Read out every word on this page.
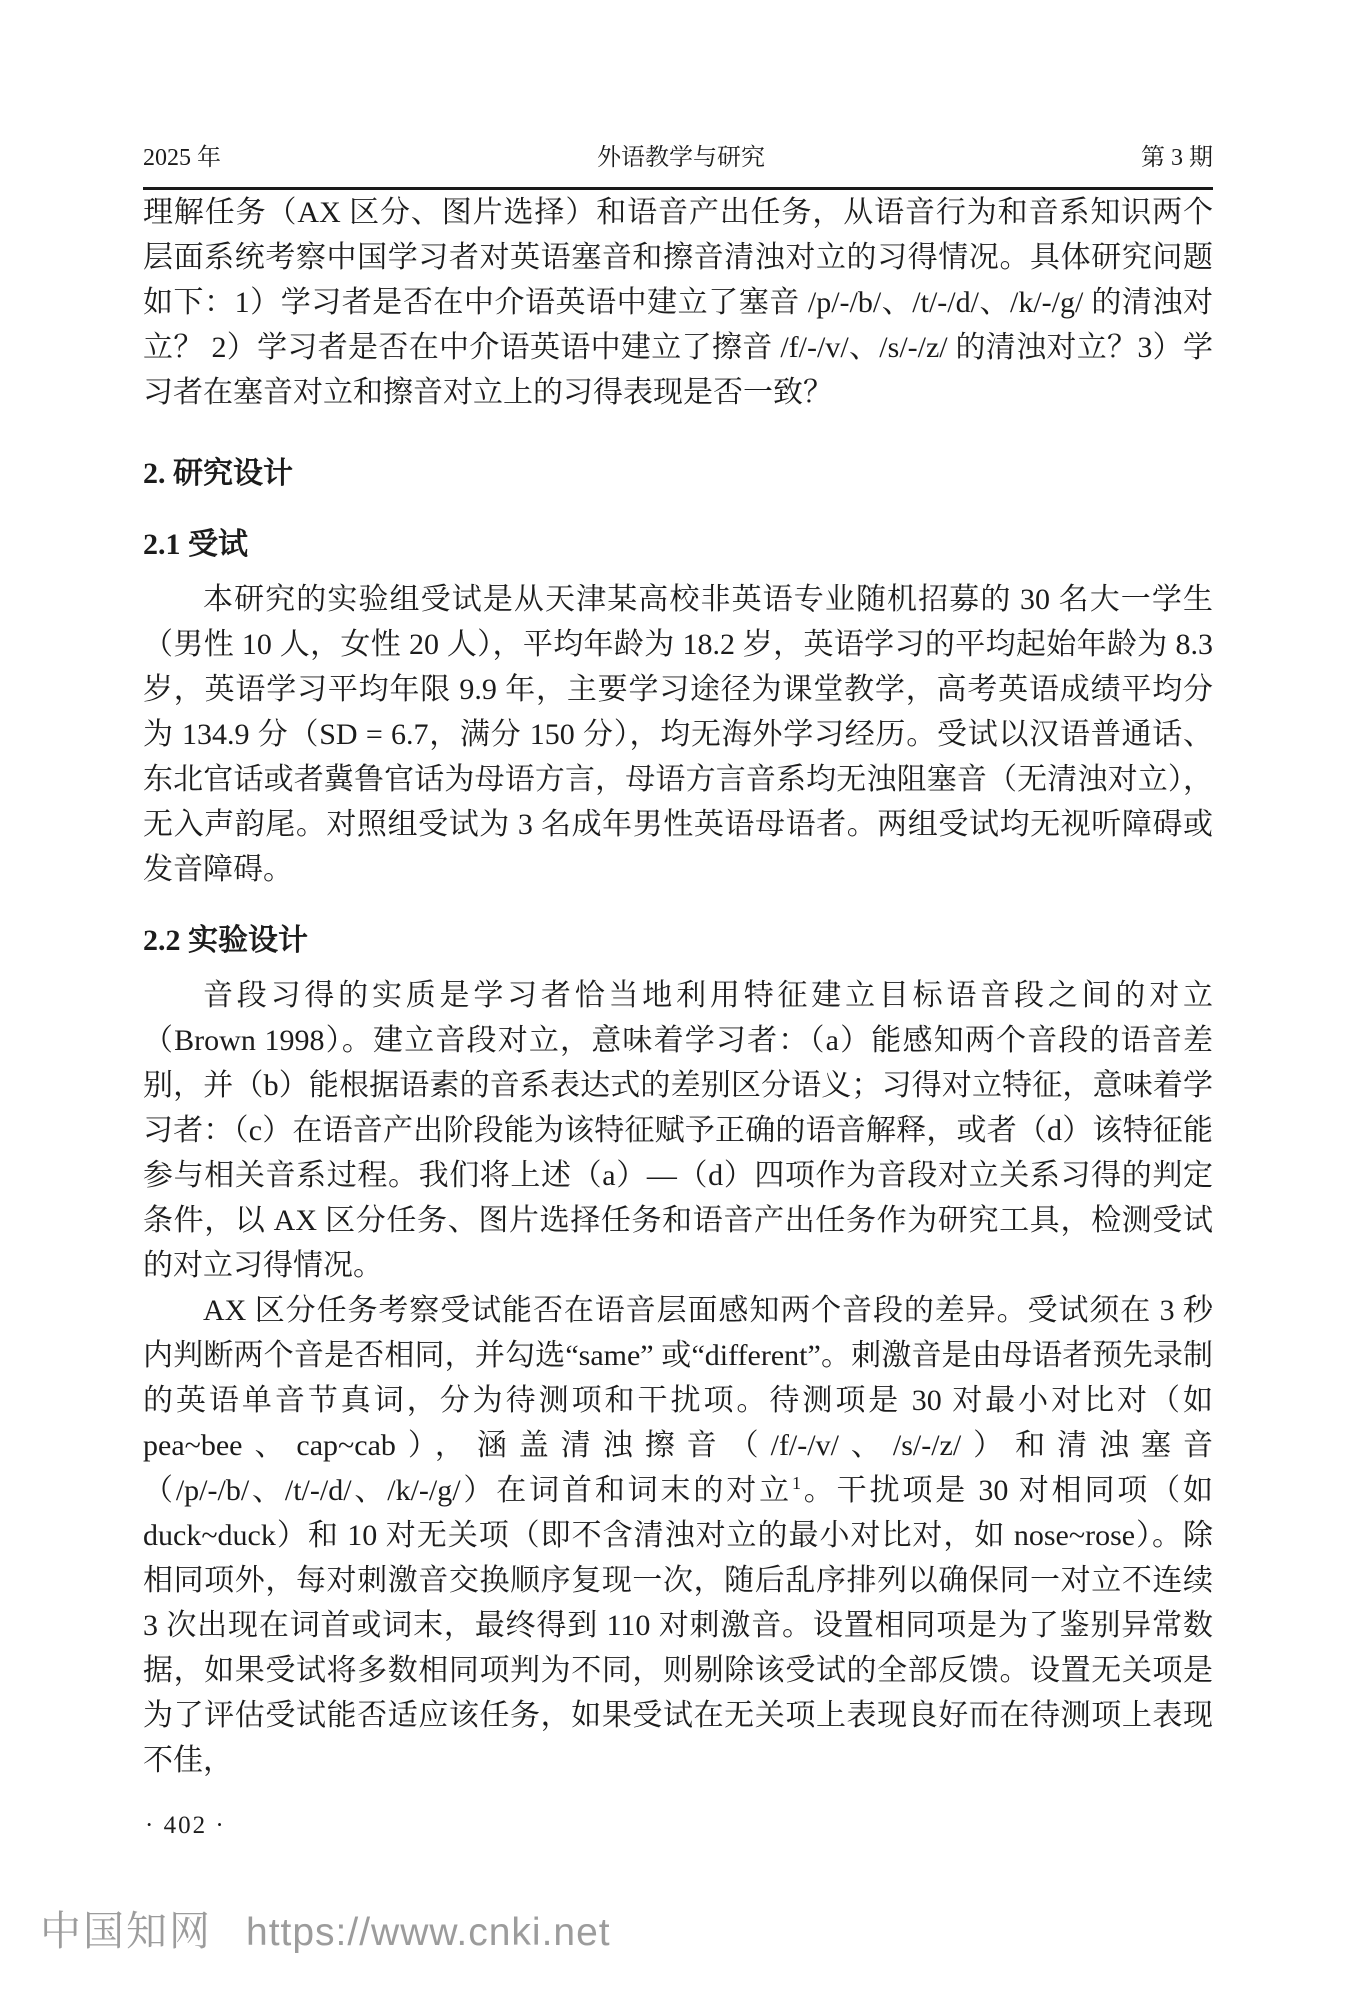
2025 年	外语教学与研究	第 3 期

理解任务（AX 区分、图片选择）和语音产出任务，从语音行为和音系知识两个层面系统考察中国学习者对英语塞音和擦音清浊对立的习得情况。具体研究问题如下：1）学习者是否在中介语英语中建立了塞音 /p/-/b/、/t/-/d/、/k/-/g/ 的清浊对立？ 2）学习者是否在中介语英语中建立了擦音 /f/-/v/、/s/-/z/ 的清浊对立？3）学习者在塞音对立和擦音对立上的习得表现是否一致？

2. 研究设计
2.1 受试

本研究的实验组受试是从天津某高校非英语专业随机招募的 30 名大一学生（男性 10 人，女性 20 人），平均年龄为 18.2 岁，英语学习的平均起始年龄为 8.3 岁，英语学习平均年限 9.9 年，主要学习途径为课堂教学，高考英语成绩平均分为 134.9 分（SD = 6.7，满分 150 分），均无海外学习经历。受试以汉语普通话、东北官话或者冀鲁官话为母语方言，母语方言音系均无浊阻塞音（无清浊对立），无入声韵尾。对照组受试为 3 名成年男性英语母语者。两组受试均无视听障碍或发音障碍。

2.2 实验设计

音段习得的实质是学习者恰当地利用特征建立目标语音段之间的对立（Brown 1998）。建立音段对立，意味着学习者：（a）能感知两个音段的语音差别，并（b）能根据语素的音系表达式的差别区分语义；习得对立特征，意味着学习者：（c）在语音产出阶段能为该特征赋予正确的语音解释，或者（d）该特征能参与相关音系过程。我们将上述（a）—（d）四项作为音段对立关系习得的判定条件，以 AX 区分任务、图片选择任务和语音产出任务作为研究工具，检测受试的对立习得情况。

AX 区分任务考察受试能否在语音层面感知两个音段的差异。受试须在 3 秒内判断两个音是否相同，并勾选“same” 或“different”。刺激音是由母语者预先录制的英语单音节真词，分为待测项和干扰项。待测项是 30 对最小对比对（如 pea~bee、cap~cab），涵盖清浊擦音（/f/-/v/、/s/-/z/）和清浊塞音（/p/-/b/、/t/-/d/、/k/-/g/）在词首和词末的对立$^1$。干扰项是 30 对相同项（如 duck~duck）和 10 对无关项（即不含清浊对立的最小对比对，如 nose~rose）。除相同项外，每对刺激音交换顺序复现一次，随后乱序排列以确保同一对立不连续 3 次出现在词首或词末，最终得到 110 对刺激音。设置相同项是为了鉴别异常数据，如果受试将多数相同项判为不同，则剔除该受试的全部反馈。设置无关项是为了评估受试能否适应该任务，如果受试在无关项上表现良好而在待测项上表现不佳，

· 402 ·
中国知网 https://www.cnki.net
